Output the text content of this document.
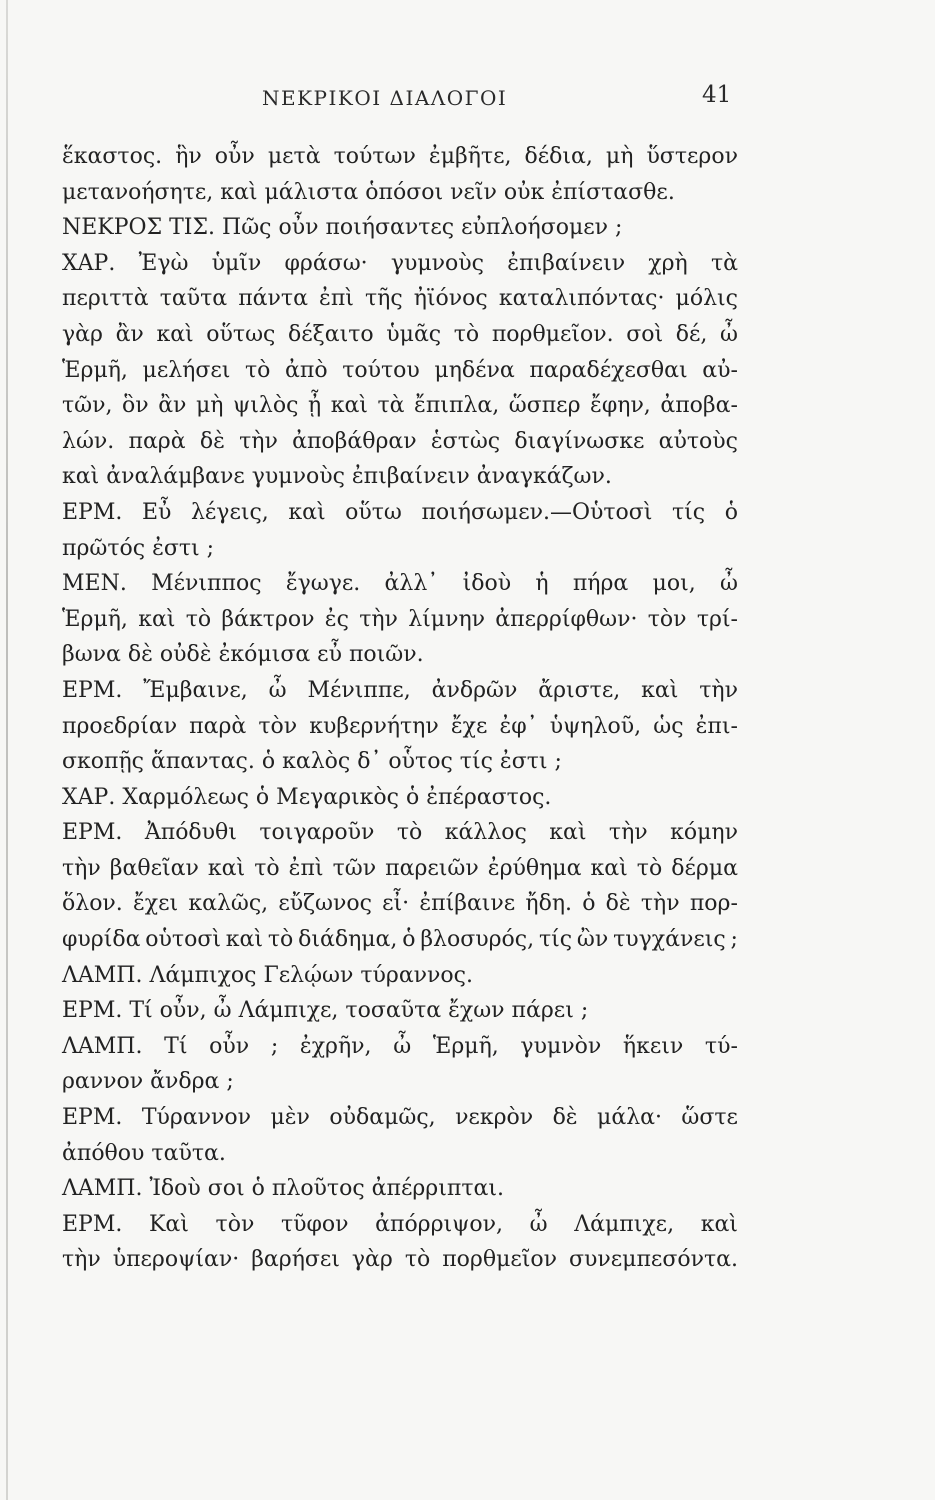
ΝΕΚΡΙΚΟΙ ΔΙΑΛΟΓΟΙ	41
ἕκαστος. ἣν οὖν μετὰ τούτων ἐμβῆτε, δέδια, μὴ ὕστερον
μετανοήσητε, καὶ μάλιστα ὁπόσοι νεῖν οὐκ ἐπίστασθε.
ΝΕΚΡΟΣ ΤΙΣ. Πῶς οὖν ποιήσαντες εὐπλοήσομεν ;
ΧΑΡ. Ἐγὼ ὑμῖν φράσω· γυμνοὺς ἐπιβαίνειν χρὴ τὰ
περιττὰ ταῦτα πάντα ἐπὶ τῆς ἠϊόνος καταλιπόντας· μόλις
γὰρ ἂν καὶ οὕτως δέξαιτο ὑμᾶς τὸ πορθμεῖον. σοὶ δέ, ὦ
Ἑρμῆ, μελήσει τὸ ἀπὸ τούτου μηδένα παραδέχεσθαι αὐ-
τῶν, ὃν ἂν μὴ ψιλὸς ᾖ καὶ τὰ ἔπιπλα, ὥσπερ ἔφην, ἀποβα-
λών. παρὰ δὲ τὴν ἀποβάθραν ἑστὼς διαγίνωσκε αὐτοὺς
καὶ ἀναλάμβανε γυμνοὺς ἐπιβαίνειν ἀναγκάζων.
ΕΡΜ. Εὖ λέγεις, καὶ οὕτω ποιήσωμεν.—Οὑτοσὶ τίς ὁ
πρῶτός ἐστι ;
ΜΕΝ. Μένιππος ἔγωγε. ἀλλ᾽ ἰδοὺ ἡ πήρα μοι, ὦ
Ἑρμῆ, καὶ τὸ βάκτρον ἐς τὴν λίμνην ἀπερρίφθων· τὸν τρί-
βωνα δὲ οὐδὲ ἐκόμισα εὖ ποιῶν.
ΕΡΜ. Ἔμβαινε, ὦ Μένιππε, ἀνδρῶν ἄριστε, καὶ τὴν
προεδρίαν παρὰ τὸν κυβερνήτην ἔχε ἐφ᾽ ὑψηλοῦ, ὡς ἐπι-
σκοπῇς ἅπαντας. ὁ καλὸς δ᾽ οὗτος τίς ἐστι ;
ΧΑΡ. Χαρμόλεως ὁ Μεγαρικὸς ὁ ἐπέραστος.
ΕΡΜ. Ἀπόδυθι τοιγαροῦν τὸ κάλλος καὶ τὴν κόμην
τὴν βαθεῖαν καὶ τὸ ἐπὶ τῶν παρειῶν ἐρύθημα καὶ τὸ δέρμα
ὅλον. ἔχει καλῶς, εὔζωνος εἶ· ἐπίβαινε ἤδη. ὁ δὲ τὴν πορ-
φυρίδα οὑτοσὶ καὶ τὸ διάδημα, ὁ βλοσυρός, τίς ὢν τυγχάνεις ;
ΛΑΜΠ. Λάμπιχος Γελῴων τύραννος.
ΕΡΜ. Τί οὖν, ὦ Λάμπιχε, τοσαῦτα ἔχων πάρει ;
ΛΑΜΠ. Τί οὖν ; ἐχρῆν, ὦ Ἑρμῆ, γυμνὸν ἥκειν τύ-
ραννον ἄνδρα ;
ΕΡΜ. Τύραννον μὲν οὐδαμῶς, νεκρὸν δὲ μάλα· ὥστε
ἀπόθου ταῦτα.
ΛΑΜΠ. Ἰδοὺ σοι ὁ πλοῦτος ἀπέρριπται.
ΕΡΜ. Καὶ τὸν τῦφον ἀπόρριψον, ὦ Λάμπιχε, καὶ
τὴν ὑπεροψίαν· βαρήσει γὰρ τὸ πορθμεῖον συνεμπεσόντα.
